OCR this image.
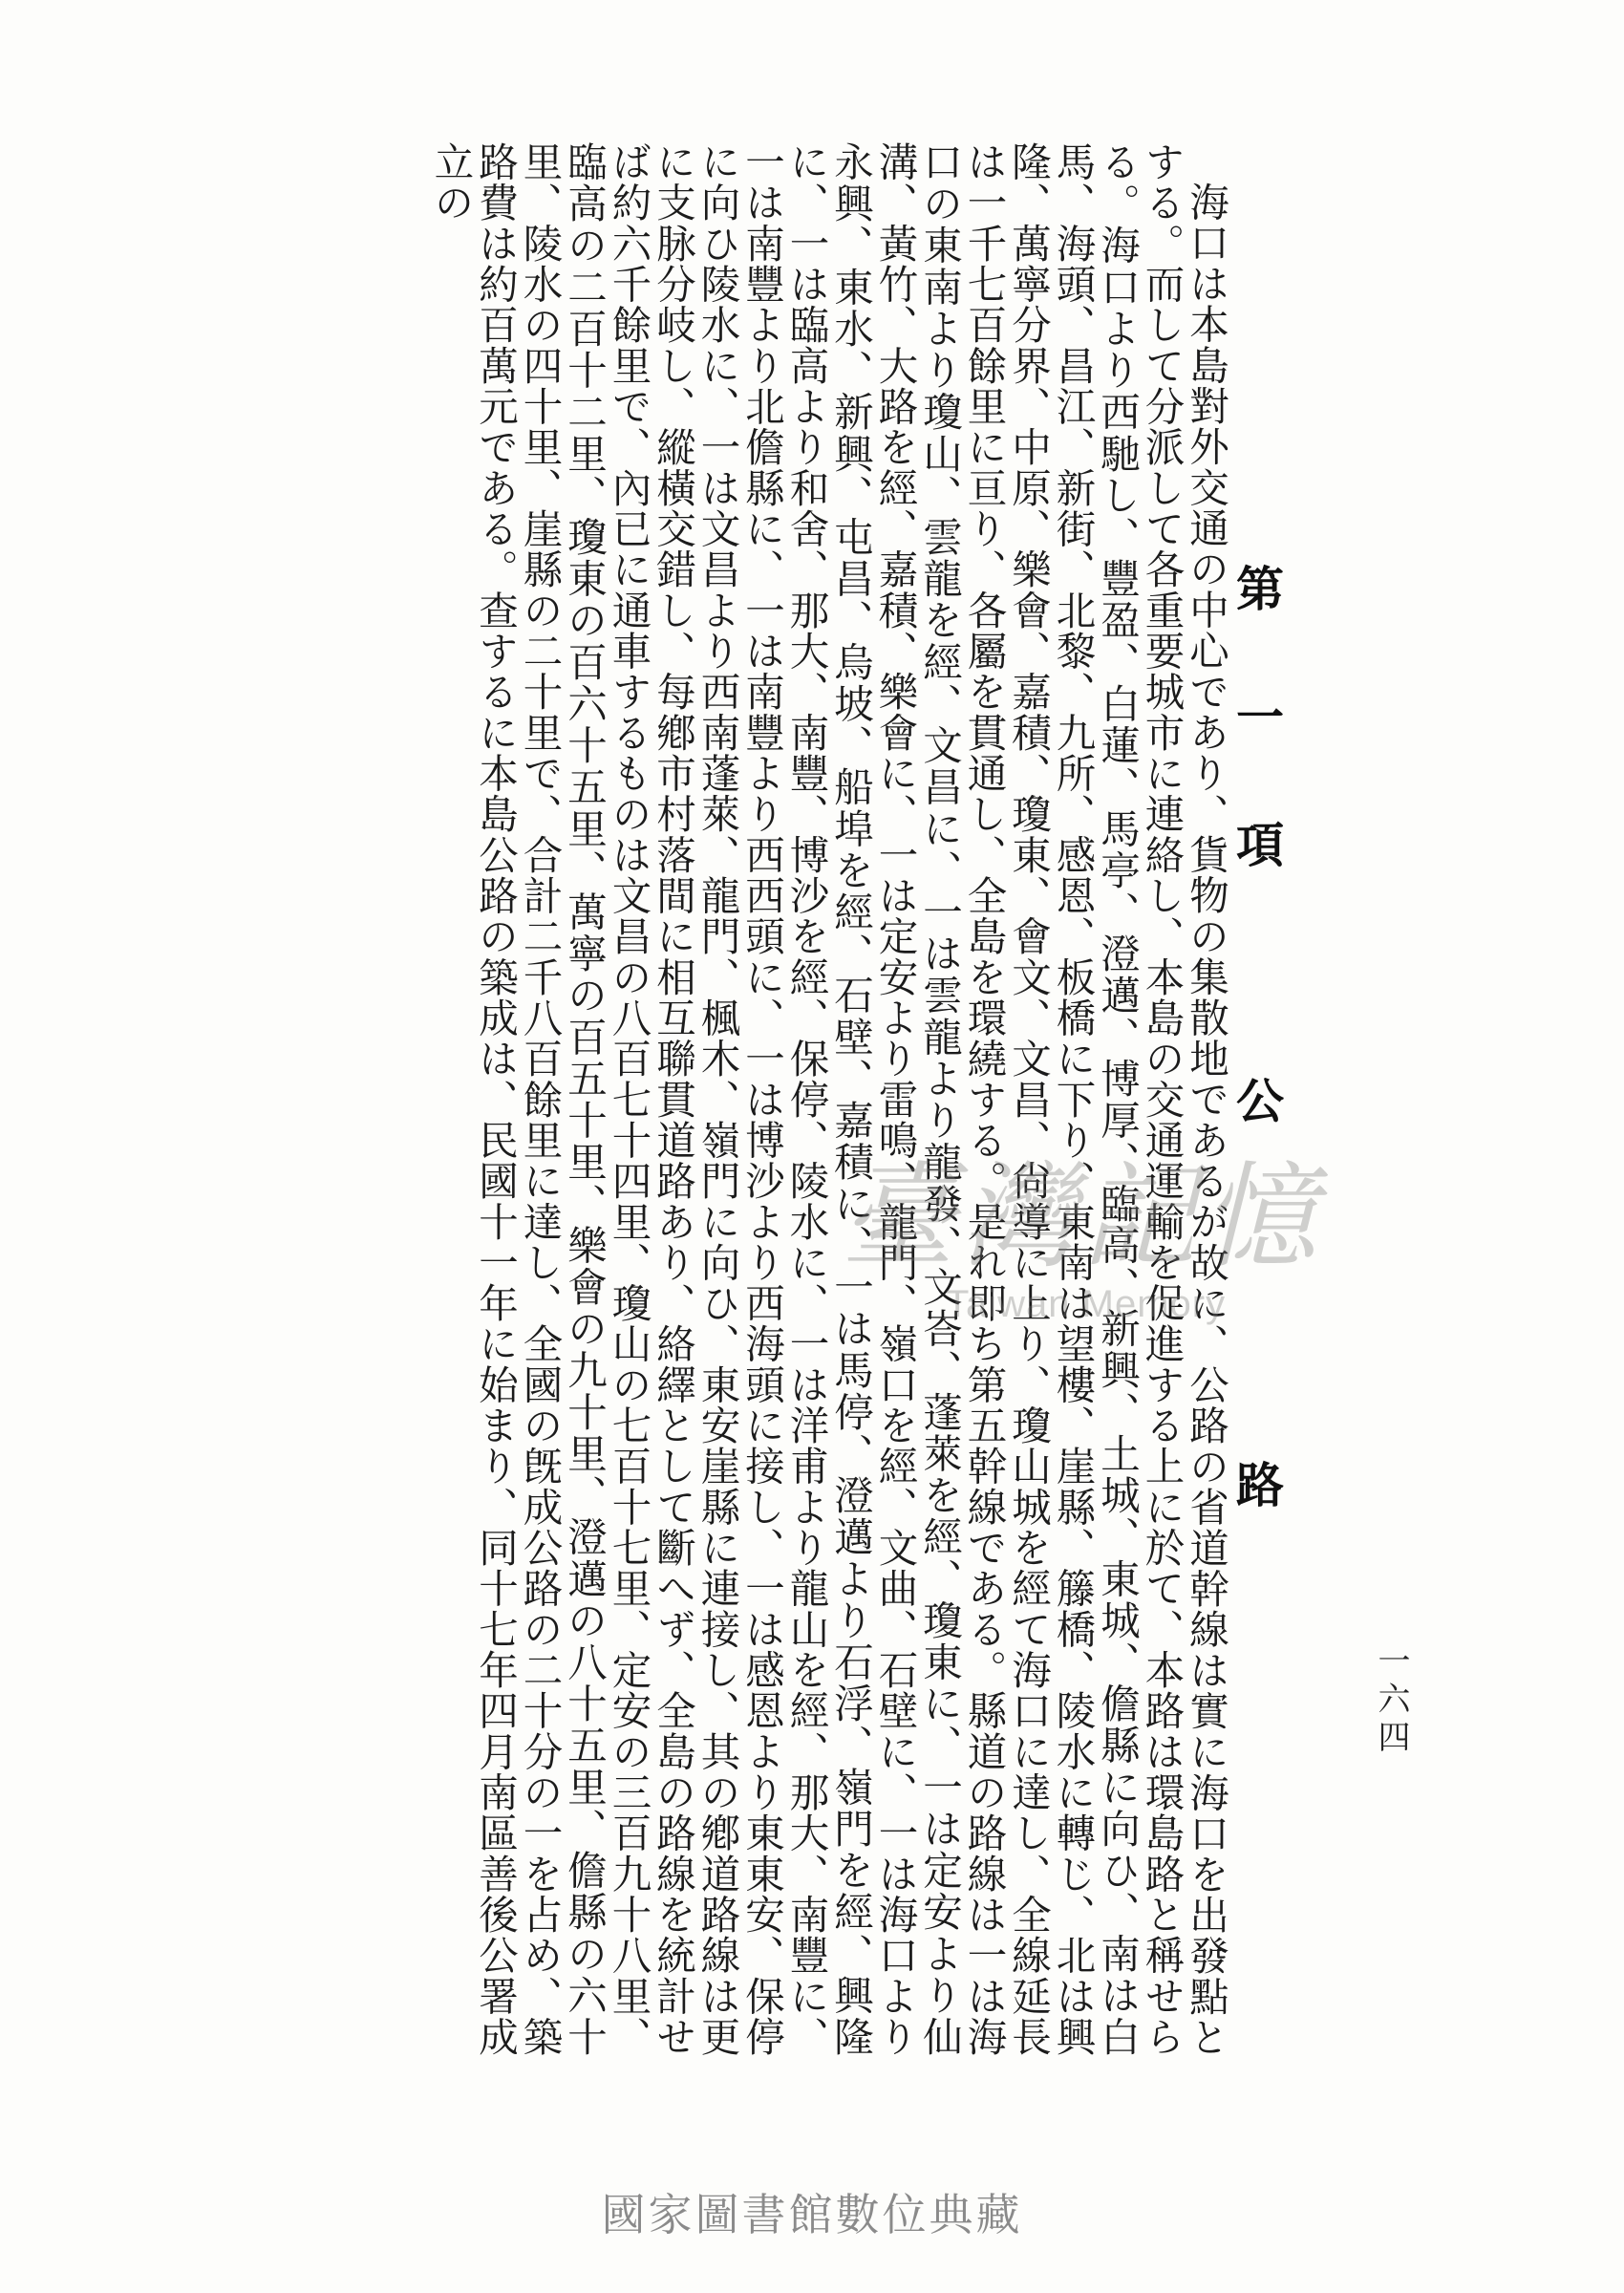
第一項　公　　路

海口は本島對外交通の中心であり、貨物の集散地であるが故に、公路の省道幹線は實に海口を出發點とする。而して分派して各重要城市に連絡し、本島の交通運輸を促進する上に於て、本路は環島路と稱せらる。海口より西馳し、豐盈、白蓮、馬亭、澄邁、博厚、臨高、新興、土城、東城、儋縣に向ひ、南は白馬、海頭、昌江、新街、北黎、九所、感恩、板橋に下り、東南は望樓、崖縣、籐橋、陵水に轉じ、北は興隆、萬寧分界、中原、樂會、嘉積、瓊東、會文、文昌、尙導に上り、瓊山城を經て海口に達し、全線延長は一千七百餘里に亘り、各屬を貫通し、全島を環繞する。是れ即ち第五幹線である。縣道の路線は一は海口の東南より瓊山、雲龍を經、文昌に、一は雲龍より龍發、文峇、蓬萊を經、瓊東に、一は定安より仙溝、黃竹、大路を經、嘉積、樂會に、一は定安より雷鳴、龍門、嶺口を經、文曲、石壁に、一は海口より永興、東水、新興、屯昌、烏坡、船埠を經、石壁、嘉積に、一は馬停、澄邁より石浮、嶺門を經、興隆に、一は臨高より和舍、那大、南豐、博沙を經、保停、陵水に、一は洋甫より龍山を經、那大、南豐に、一は南豐より北儋縣に、一は南豐より西西頭に、一は博沙より西海頭に接し、一は感恩より東東安、保停に向ひ陵水に、一は文昌より西南蓬萊、龍門、楓木、嶺門に向ひ、東安崖縣に連接し、其の鄕道路線は更に支脉分岐し、縱橫交錯し、每鄕市村落間に相互聯貫道路あり、絡繹として斷へず、全島の路線を統計せば約六千餘里で、內已に通車するものは文昌の八百七十四里、瓊山の七百十七里、定安の三百九十八里、臨高の二百十二里、瓊東の百六十五里、萬寧の百五十里、樂會の九十里、澄邁の八十五里、儋縣の六十里、陵水の四十里、崖縣の二十里で、合計二千八百餘里に達し、全國の旣成公路の二十分の一を占め、築路費は約百萬元である。查するに本島公路の築成は、民國十一年に始まり、同十七年四月南區善後公署成立の

一六四
臺灣記憶
Taiwan Memory
國家圖書館數位典藏
